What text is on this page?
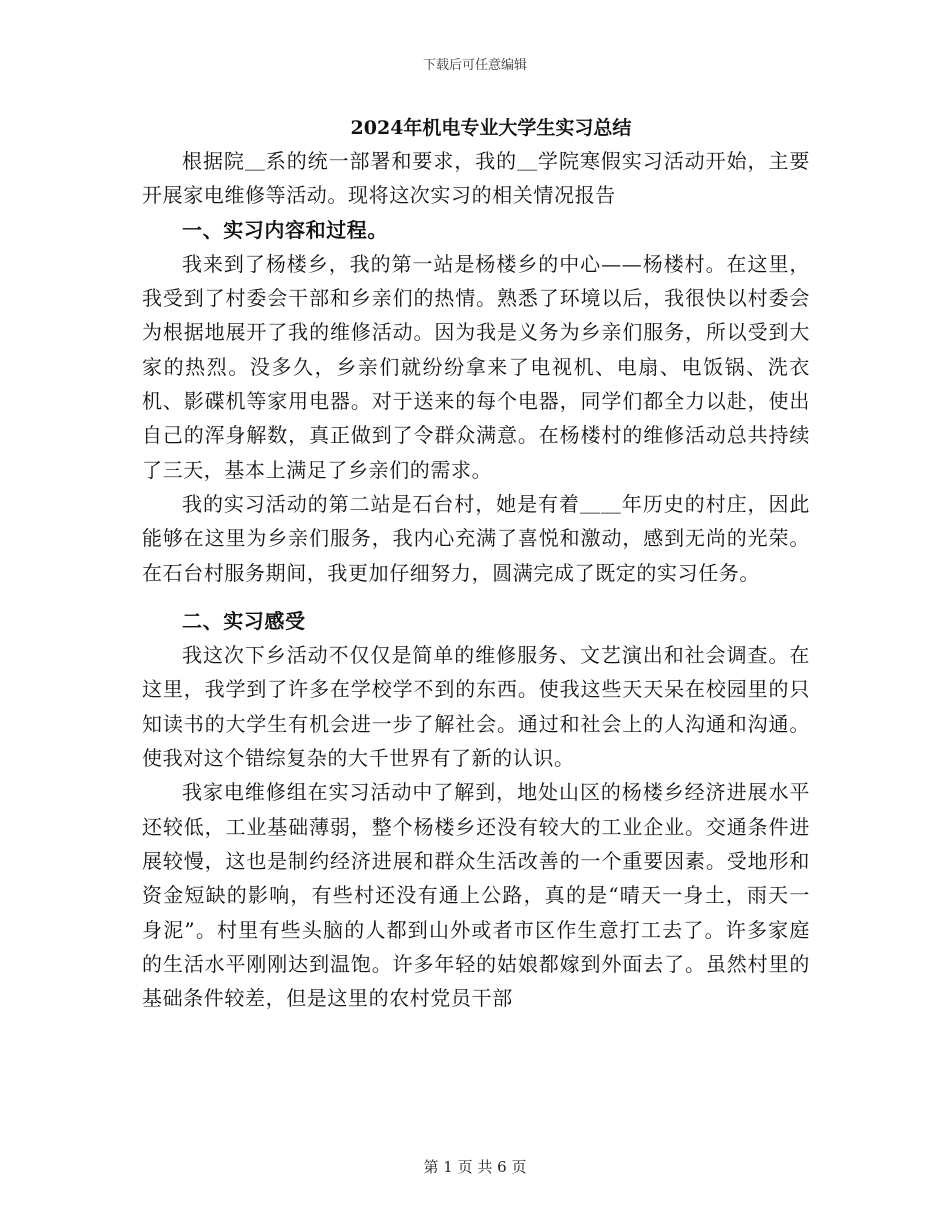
下载后可任意编辑
2024年机电专业大学生实习总结

根据院＿系的统一部署和要求，我的＿学院寒假实习活动开始，主要开展家电维修等活动。现将这次实习的相关情况报告

一、实习内容和过程。

我来到了杨楼乡，我的第一站是杨楼乡的中心——杨楼村。在这里，我受到了村委会干部和乡亲们的热情。熟悉了环境以后，我很快以村委会为根据地展开了我的维修活动。因为我是义务为乡亲们服务，所以受到大家的热烈。没多久，乡亲们就纷纷拿来了电视机、电扇、电饭锅、洗衣机、影碟机等家用电器。对于送来的每个电器，同学们都全力以赴，使出自己的浑身解数，真正做到了令群众满意。在杨楼村的维修活动总共持续了三天，基本上满足了乡亲们的需求。

我的实习活动的第二站是石台村，她是有着＿＿年历史的村庄，因此能够在这里为乡亲们服务，我内心充满了喜悦和激动，感到无尚的光荣。在石台村服务期间，我更加仔细努力，圆满完成了既定的实习任务。

二、实习感受

我这次下乡活动不仅仅是简单的维修服务、文艺演出和社会调查。在这里，我学到了许多在学校学不到的东西。使我这些天天呆在校园里的只知读书的大学生有机会进一步了解社会。通过和社会上的人沟通和沟通。使我对这个错综复杂的大千世界有了新的认识。

我家电维修组在实习活动中了解到，地处山区的杨楼乡经济进展水平还较低，工业基础薄弱，整个杨楼乡还没有较大的工业企业。交通条件进展较慢，这也是制约经济进展和群众生活改善的一个重要因素。受地形和资金短缺的影响，有些村还没有通上公路，真的是“晴天一身土，雨天一身泥”。村里有些头脑的人都到山外或者市区作生意打工去了。许多家庭的生活水平刚刚达到温饱。许多年轻的姑娘都嫁到外面去了。虽然村里的基础条件较差，但是这里的农村党员干部

第 1 页 共 6 页
